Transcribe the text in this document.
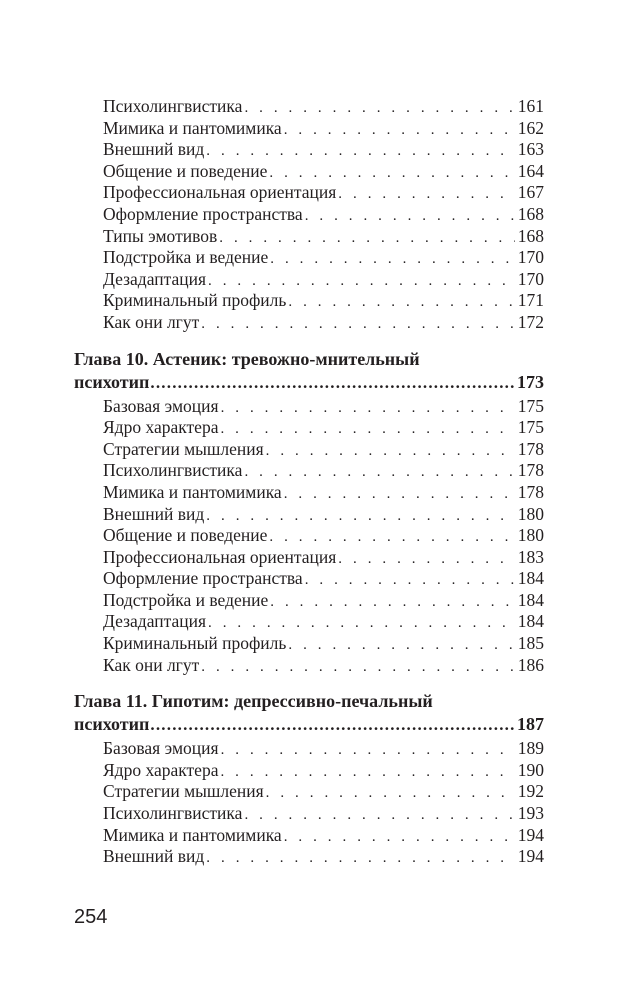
Психолингвистика . . .	161
Мимика и пантомимика . . .	162
Внешний вид . . .	163
Общение и поведение . . .	164
Профессиональная ориентация . . .	167
Оформление пространства . . .	168
Типы эмотивов . . .	168
Подстройка и ведение . . .	170
Дезадаптация . . .	170
Криминальный профиль . . .	171
Как они лгут . . .	172
Глава 10. Астеник: тревожно-мнительный
психотип .....	173
Базовая эмоция . . .	175
Ядро характера . . .	175
Стратегии мышления . . .	178
Психолингвистика . . .	178
Мимика и пантомимика . . .	178
Внешний вид . . .	180
Общение и поведение . . .	180
Профессиональная ориентация . . .	183
Оформление пространства . . .	184
Подстройка и ведение . . .	184
Дезадаптация . . .	184
Криминальный профиль . . .	185
Как они лгут . . .	186
Глава 11. Гипотим: депрессивно-печальный
психотип .....	187
Базовая эмоция . . .	189
Ядро характера . . .	190
Стратегии мышления . . .	192
Психолингвистика . . .	193
Мимика и пантомимика . . .	194
Внешний вид . . .	194
254
